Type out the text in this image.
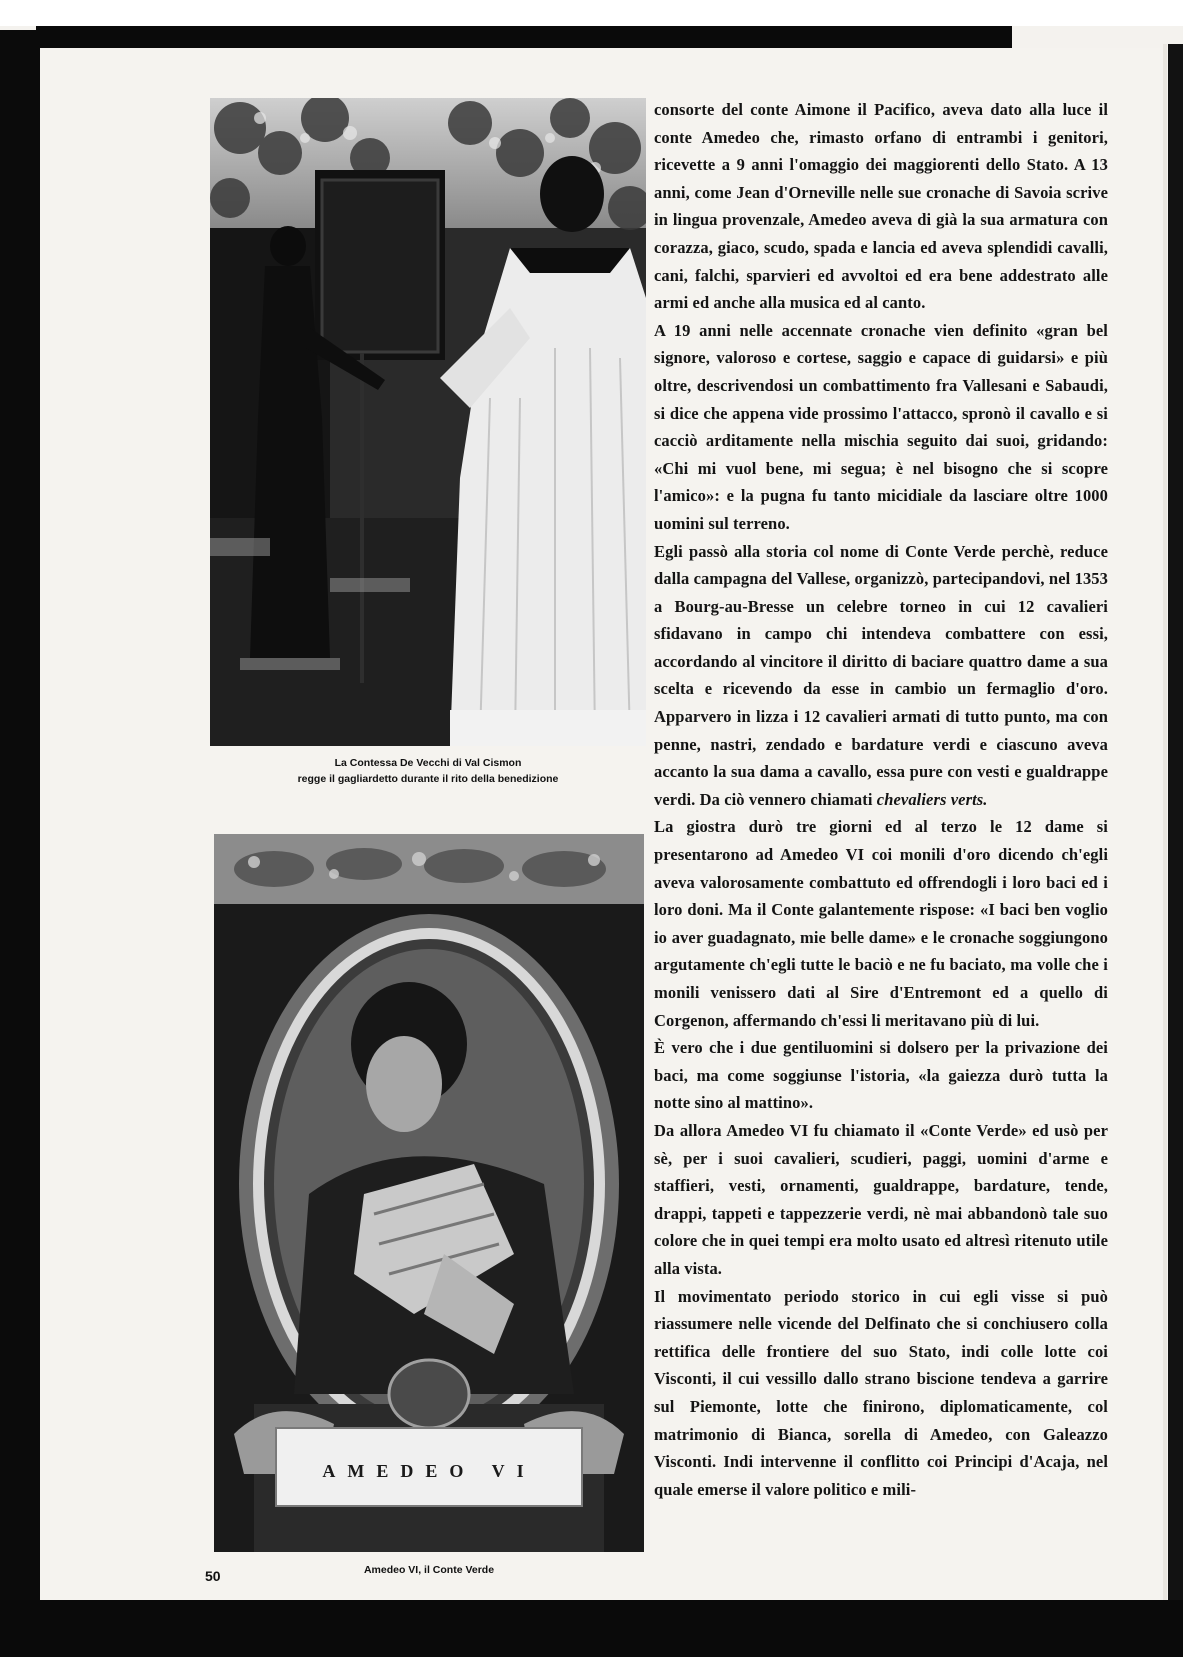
La Contessa De Vecchi di Val Cismon
regge il gagliardetto durante il rito della benedizione
AMEDEO VI
Amedeo VI, il Conte Verde
50

consorte del conte Aimone il Pacifico, aveva dato alla luce il conte Amedeo che, rimasto orfano di entrambi i genitori, ricevette a 9 anni l'omaggio dei maggiorenti dello Stato. A 13 anni, come Jean d'Orneville nelle sue cronache di Savoia scrive in lingua provenzale, Amedeo aveva di già la sua armatura con corazza, giaco, scudo, spada e lancia ed aveva splendidi cavalli, cani, falchi, sparvieri ed avvoltoi ed era bene addestrato alle armi ed anche alla musica ed al canto.

A 19 anni nelle accennate cronache vien definito «gran bel signore, valoroso e cortese, saggio e capace di guidarsi» e più oltre, descrivendosi un combattimento fra Vallesani e Sabaudi, si dice che appena vide prossimo l'attacco, spronò il cavallo e si cacciò arditamente nella mischia seguito dai suoi, gridando: «Chi mi vuol bene, mi segua; è nel bisogno che si scopre l'amico»: e la pugna fu tanto micidiale da lasciare oltre 1000 uomini sul terreno.

Egli passò alla storia col nome di Conte Verde perchè, reduce dalla campagna del Vallese, organizzò, partecipandovi, nel 1353 a Bourg-au-Bresse un celebre torneo in cui 12 cavalieri sfidavano in campo chi intendeva combattere con essi, accordando al vincitore il diritto di baciare quattro dame a sua scelta e ricevendo da esse in cambio un fermaglio d'oro. Apparvero in lizza i 12 cavalieri armati di tutto punto, ma con penne, nastri, zendado e bardature verdi e ciascuno aveva accanto la sua dama a cavallo, essa pure con vesti e gualdrappe verdi. Da ciò vennero chiamati chevaliers verts.

La giostra durò tre giorni ed al terzo le 12 dame si presentarono ad Amedeo VI coi monili d'oro dicendo ch'egli aveva valorosamente combattuto ed offrendogli i loro baci ed i loro doni. Ma il Conte galantemente rispose: «I baci ben voglio io aver guadagnato, mie belle dame» e le cronache soggiungono argutamente ch'egli tutte le baciò e ne fu baciato, ma volle che i monili venissero dati al Sire d'Entremont ed a quello di Corgenon, affermando ch'essi li meritavano più di lui.

È vero che i due gentiluomini si dolsero per la privazione dei baci, ma come soggiunse l'istoria, «la gaiezza durò tutta la notte sino al mattino».

Da allora Amedeo VI fu chiamato il «Conte Verde» ed usò per sè, per i suoi cavalieri, scudieri, paggi, uomini d'arme e staffieri, vesti, ornamenti, gualdrappe, bardature, tende, drappi, tappeti e tappezzerie verdi, nè mai abbandonò tale suo colore che in quei tempi era molto usato ed altresì ritenuto utile alla vista.

Il movimentato periodo storico in cui egli visse si può riassumere nelle vicende del Delfinato che si conchiusero colla rettifica delle frontiere del suo Stato, indi colle lotte coi Visconti, il cui vessillo dallo strano biscione tendeva a garrire sul Piemonte, lotte che finirono, diplomaticamente, col matrimonio di Bianca, sorella di Amedeo, con Galeazzo Visconti. Indi intervenne il conflitto coi Principi d'Acaja, nel quale emerse il valore politico e mili-
